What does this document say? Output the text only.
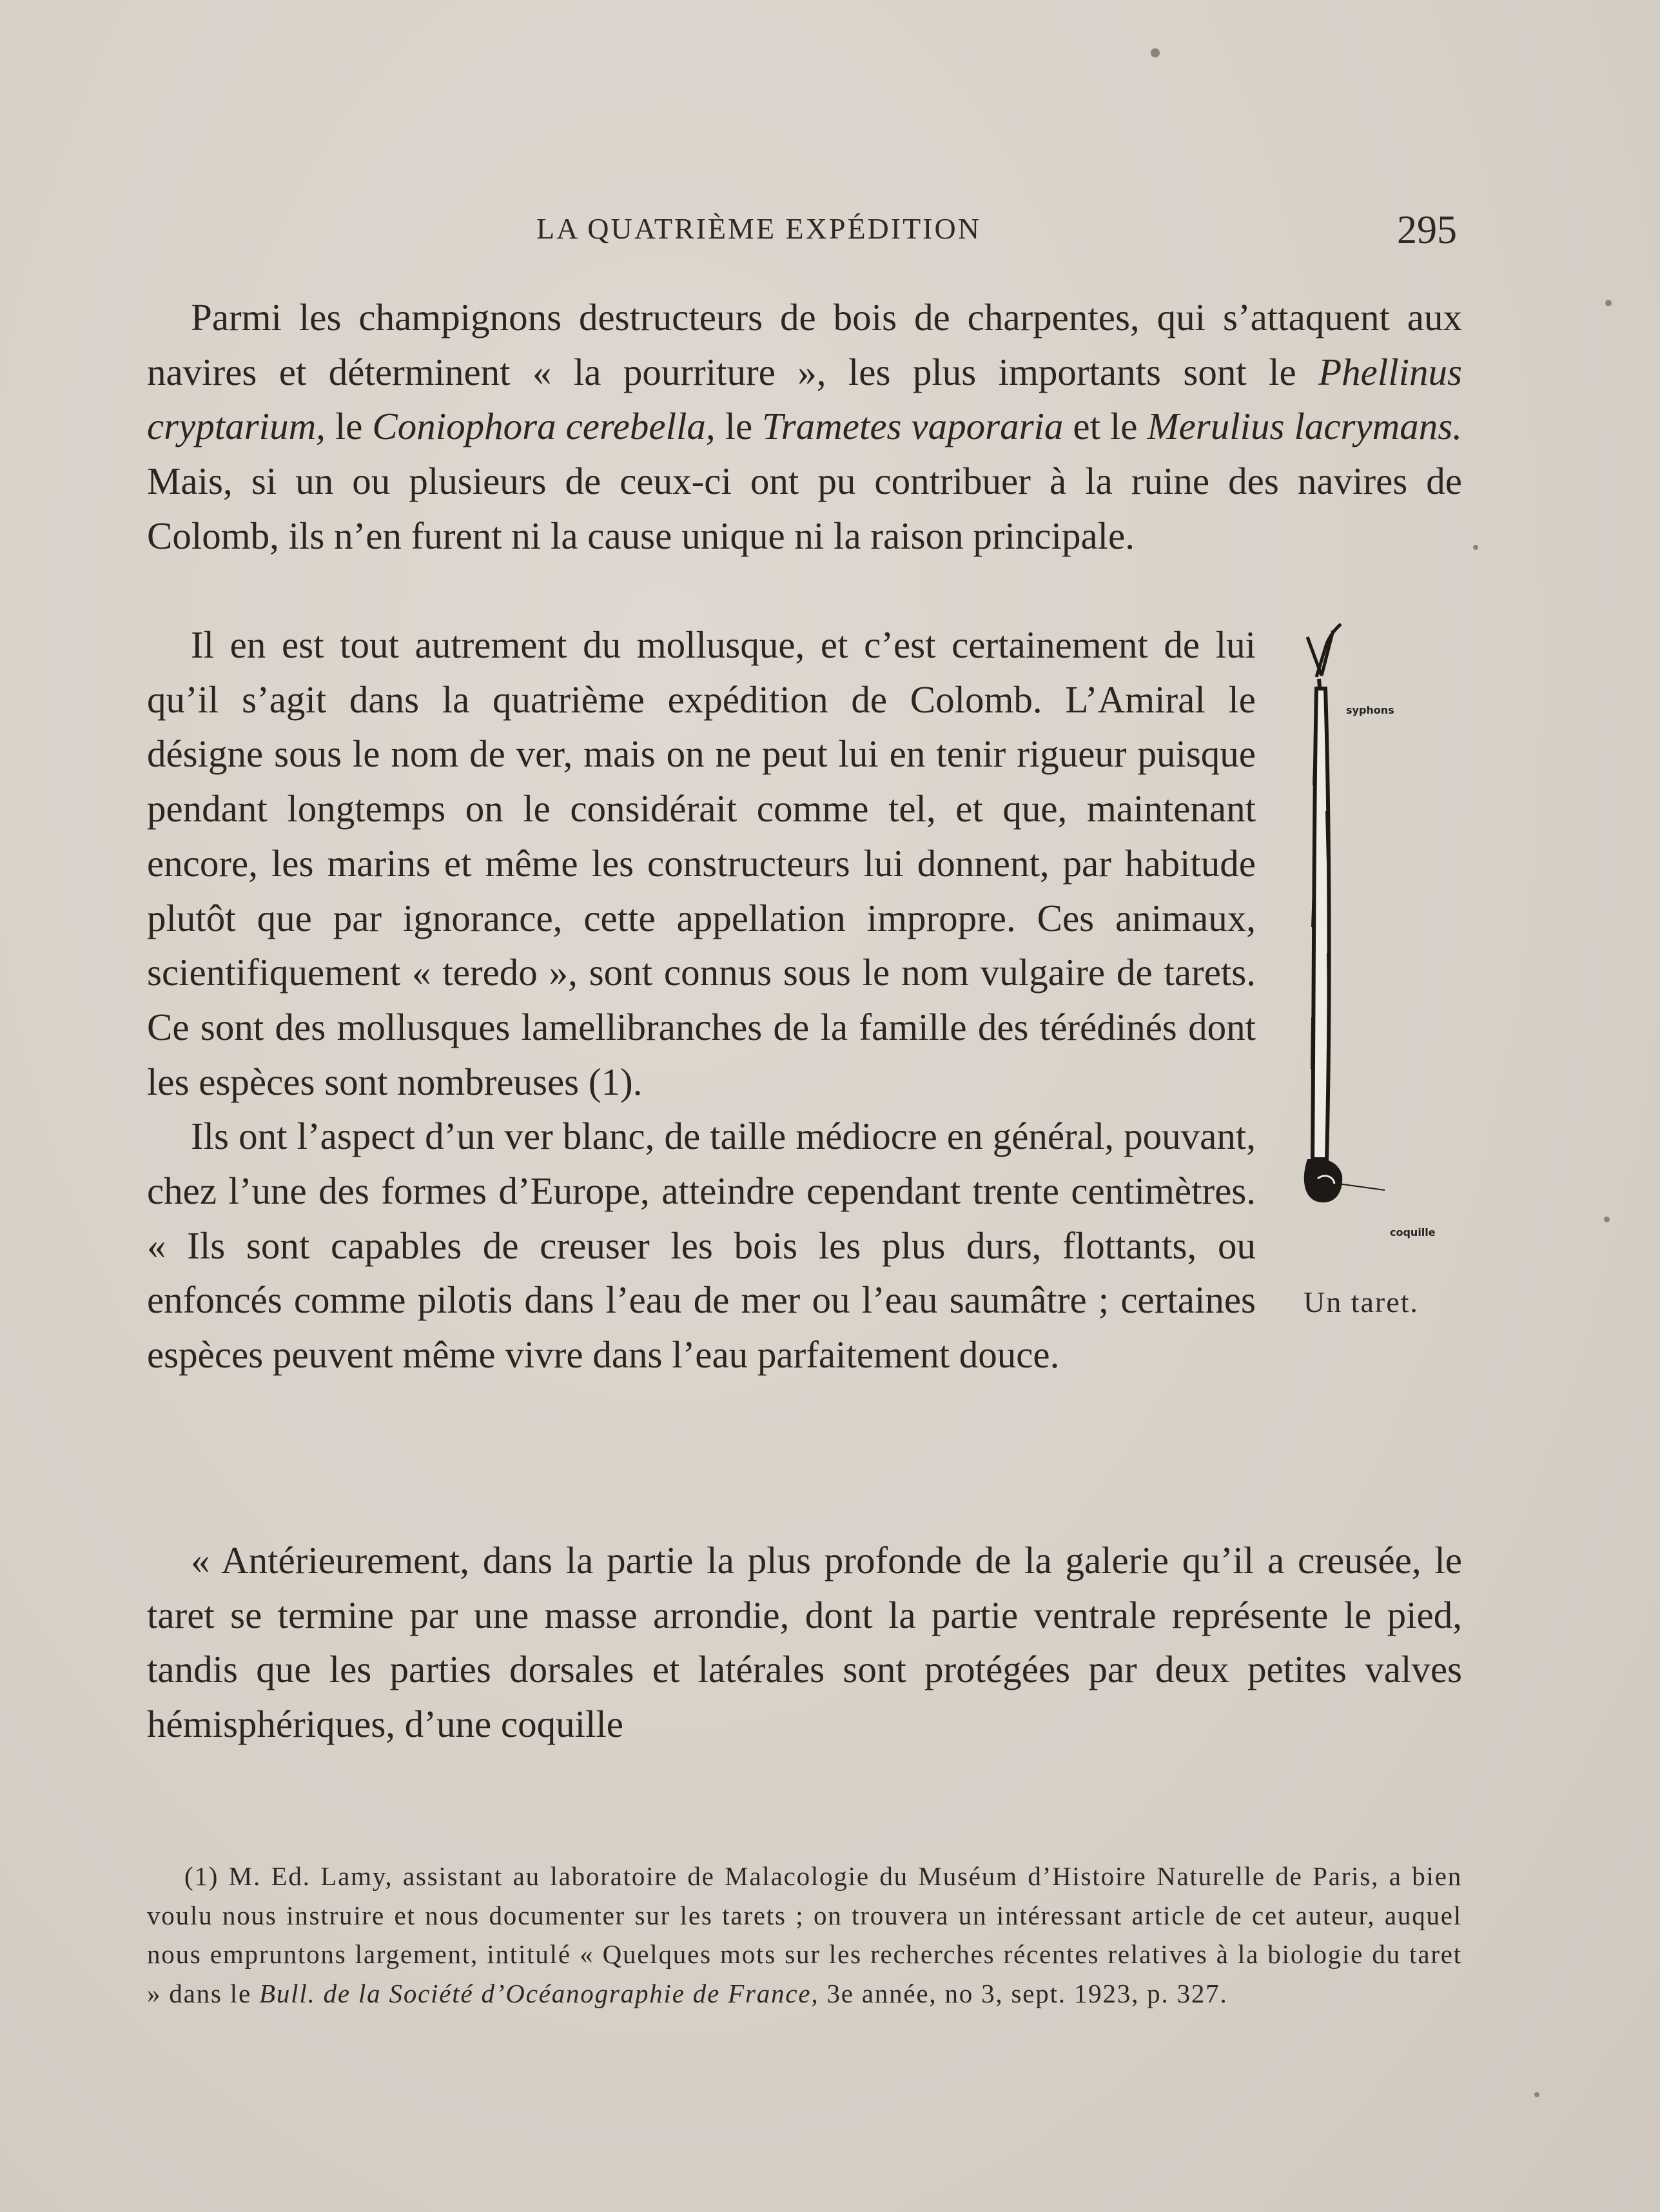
LA QUATRIÈME EXPÉDITION	295

Parmi les champignons destructeurs de bois de charpentes, qui s’attaquent aux navires et déterminent « la pourriture », les plus importants sont le Phellinus cryptarium, le Coniophora cerebella, le Trametes vaporaria et le Merulius lacrymans. Mais, si un ou plusieurs de ceux-ci ont pu contribuer à la ruine des navires de Colomb, ils n’en furent ni la cause unique ni la raison principale.

syphons
coquille
Un taret.

Il en est tout autrement du mollusque, et c’est certainement de lui qu’il s’agit dans la quatrième expédition de Colomb. L’Amiral le désigne sous le nom de ver, mais on ne peut lui en tenir rigueur puisque pendant longtemps on le considérait comme tel, et que, maintenant encore, les marins et même les constructeurs lui donnent, par habitude plutôt que par ignorance, cette appellation impropre. Ces animaux, scientifiquement « teredo », sont connus sous le nom vulgaire de tarets. Ce sont des mollusques lamellibranches de la famille des térédinés dont les espèces sont nombreuses (1).

Ils ont l’aspect d’un ver blanc, de taille médiocre en général, pouvant, chez l’une des formes d’Europe, atteindre cependant trente centimètres. « Ils sont capables de creuser les bois les plus durs, flottants, ou enfoncés comme pilotis dans l’eau de mer ou l’eau saumâtre ; certaines espèces peuvent même vivre dans l’eau parfaitement douce.

« Antérieurement, dans la partie la plus profonde de la galerie qu’il a creusée, le taret se termine par une masse arrondie, dont la partie ventrale représente le pied, tandis que les parties dorsales et latérales sont protégées par deux petites valves hémisphériques, d’une coquille

(1) M. Ed. Lamy, assistant au laboratoire de Malacologie du Muséum d’Histoire Naturelle de Paris, a bien voulu nous instruire et nous documenter sur les tarets ; on trouvera un intéressant article de cet auteur, auquel nous empruntons largement, intitulé « Quelques mots sur les recherches récentes relatives à la biologie du taret » dans le Bull. de la Société d’Océanographie de France, 3e année, no 3, sept. 1923, p. 327.
